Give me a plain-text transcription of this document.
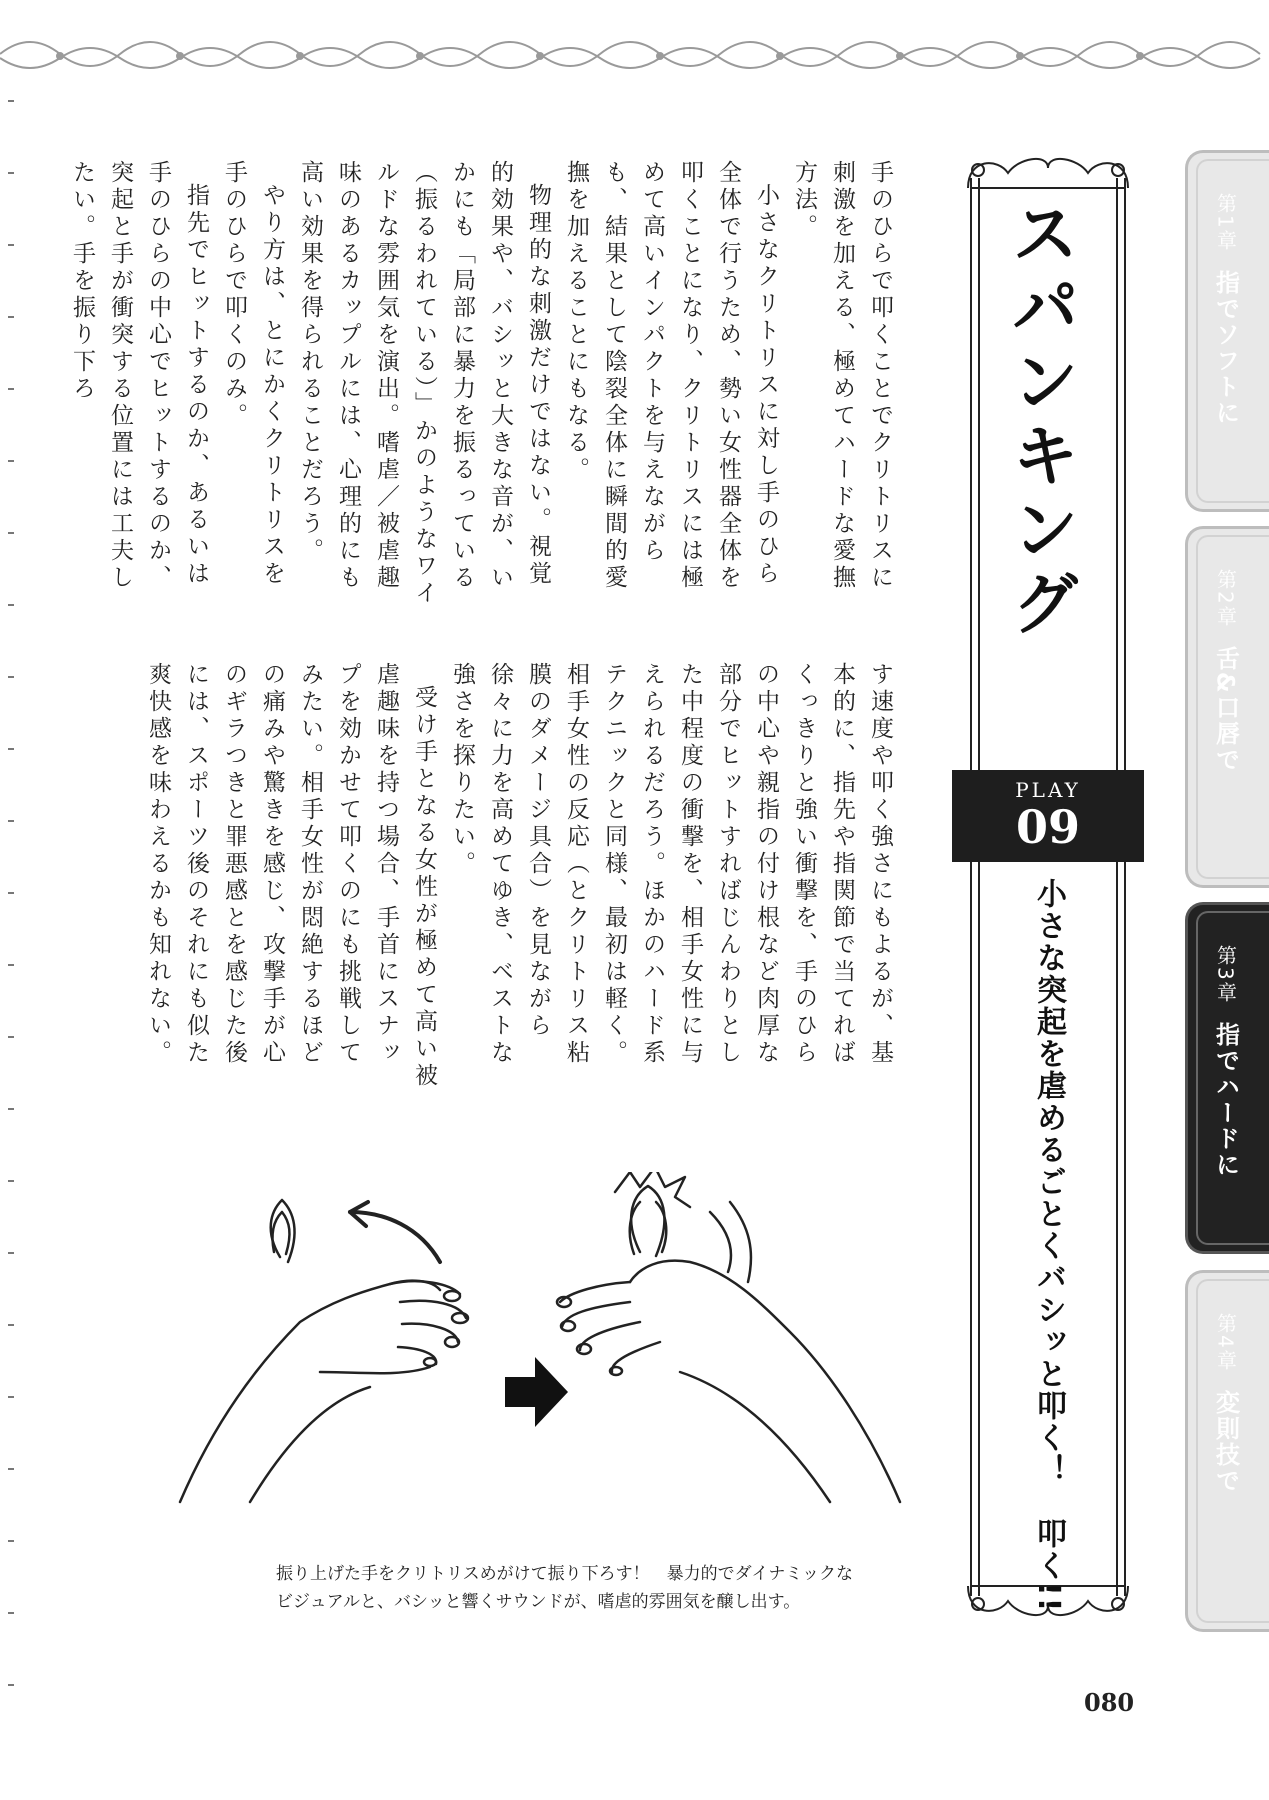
第1章指でソフトに
第2章舌&口唇で
第3章指でハードに
第4章変則技で
スパンキング
PLAY
09
小さな突起を虐めるごとくバシッと叩く！　叩く!!

手のひらで叩くことでクリトリスに刺激を加える、極めてハードな愛撫方法。

小さなクリトリスに対し手のひら全体で行うため、勢い女性器全体を叩くことになり、クリトリスには極めて高いインパクトを与えながらも、結果として陰裂全体に瞬間的愛撫を加えることにもなる。

物理的な刺激だけではない。視覚的効果や、バシッと大きな音が、いかにも「局部に暴力を振るっている（振るわれている）」かのようなワイルドな雰囲気を演出。嗜虐／被虐趣味のあるカップルには、心理的にも高い効果を得られることだろう。

やり方は、とにかくクリトリスを手のひらで叩くのみ。

指先でヒットするのか、あるいは手のひらの中心でヒットするのか、突起と手が衝突する位置には工夫したい。手を振り下ろ

す速度や叩く強さにもよるが、基本的に、指先や指関節で当てればくっきりと強い衝撃を、手のひらの中心や親指の付け根など肉厚な部分でヒットすればじんわりとした中程度の衝撃を、相手女性に与えられるだろう。ほかのハード系テクニックと同様、最初は軽く。相手女性の反応（とクリトリス粘膜のダメージ具合）を見ながら徐々に力を高めてゆき、ベストな強さを探りたい。

受け手となる女性が極めて高い被虐趣味を持つ場合、手首にスナップを効かせて叩くのにも挑戦してみたい。相手女性が悶絶するほどの痛みや驚きを感じ、攻撃手が心のギラつきと罪悪感とを感じた後には、スポーツ後のそれにも似た爽快感を味わえるかも知れない。

振り上げた手をクリトリスめがけて振り下ろす！　暴力的でダイナミックなビジュアルと、バシッと響くサウンドが、嗜虐的雰囲気を醸し出す。
080
